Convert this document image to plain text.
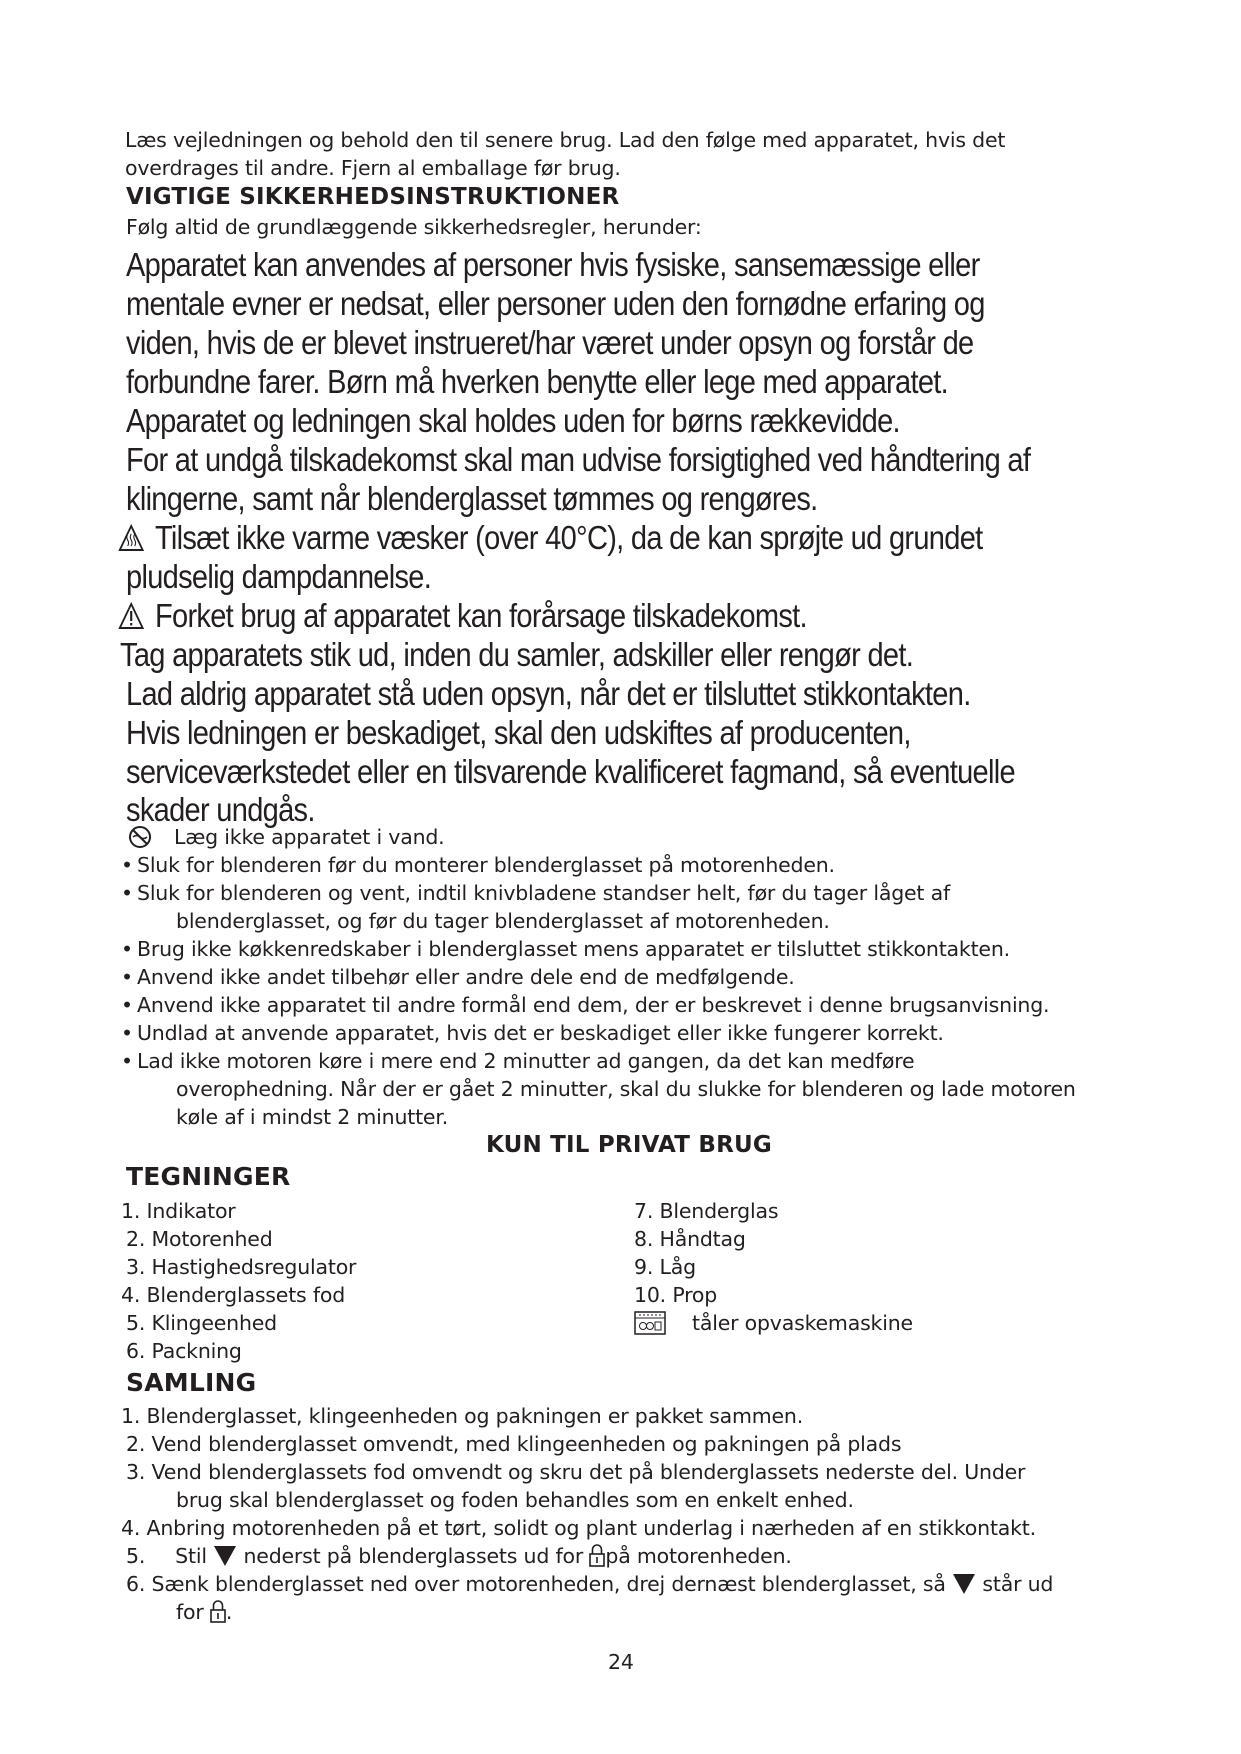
Læs vejledningen og behold den til senere brug. Lad den følge med apparatet, hvis det
overdrages til andre. Fjern al emballage før brug.
VIGTIGE SIKKERHEDSINSTRUKTIONER
Følg altid de grundlæggende sikkerhedsregler, herunder:
Apparatet kan anvendes af personer hvis fysiske, sansemæssige eller
mentale evner er nedsat, eller personer uden den fornødne erfaring og
viden, hvis de er blevet instrueret/har været under opsyn og forstår de
forbundne farer. Børn må hverken benytte eller lege med apparatet.
Apparatet og ledningen skal holdes uden for børns rækkevidde.
For at undgå tilskadekomst skal man udvise forsigtighed ved håndtering af
klingerne, samt når blenderglasset tømmes og rengøres.
Tilsæt ikke varme væsker (over 40°C), da de kan sprøjte ud grundet
pludselig dampdannelse.
Forket brug af apparatet kan forårsage tilskadekomst.
Tag apparatets stik ud, inden du samler, adskiller eller rengør det.
Lad aldrig apparatet stå uden opsyn, når det er tilsluttet stikkontakten.
Hvis ledningen er beskadiget, skal den udskiftes af producenten,
serviceværkstedet eller en tilsvarende kvalificeret fagmand, så eventuelle
skader undgås.
Læg ikke apparatet i vand.
• Sluk for blenderen før du monterer blenderglasset på motorenheden.
• Sluk for blenderen og vent, indtil knivbladene standser helt, før du tager låget af
blenderglasset, og før du tager blenderglasset af motorenheden.
• Brug ikke køkkenredskaber i blenderglasset mens apparatet er tilsluttet stikkontakten.
• Anvend ikke andet tilbehør eller andre dele end de medfølgende.
• Anvend ikke apparatet til andre formål end dem, der er beskrevet i denne brugsanvisning.
• Undlad at anvende apparatet, hvis det er beskadiget eller ikke fungerer korrekt.
• Lad ikke motoren køre i mere end 2 minutter ad gangen, da det kan medføre
overophedning. Når der er gået 2 minutter, skal du slukke for blenderen og lade motoren
køle af i mindst 2 minutter.
KUN TIL PRIVAT BRUG
TEGNINGER
1. Indikator
2. Motorenhed
3. Hastighedsregulator
4. Blenderglassets fod
5. Klingeenhed
6. Packning
7. Blenderglas
8. Håndtag
9. Låg
10. Prop
tåler opvaskemaskine
SAMLING
1. Blenderglasset, klingeenheden og pakningen er pakket sammen.
2. Vend blenderglasset omvendt, med klingeenheden og pakningen på plads
3. Vend blenderglassets fod omvendt og skru det på blenderglassets nederste del. Under
brug skal blenderglasset og foden behandles som en enkelt enhed.
4. Anbring motorenheden på et tørt, solidt og plant underlag i nærheden af en stikkontakt.
5. Stil nederst på blenderglassets ud for på motorenheden.
6. Sænk blenderglasset ned over motorenheden, drej dernæst blenderglasset, så står ud
for .
24
